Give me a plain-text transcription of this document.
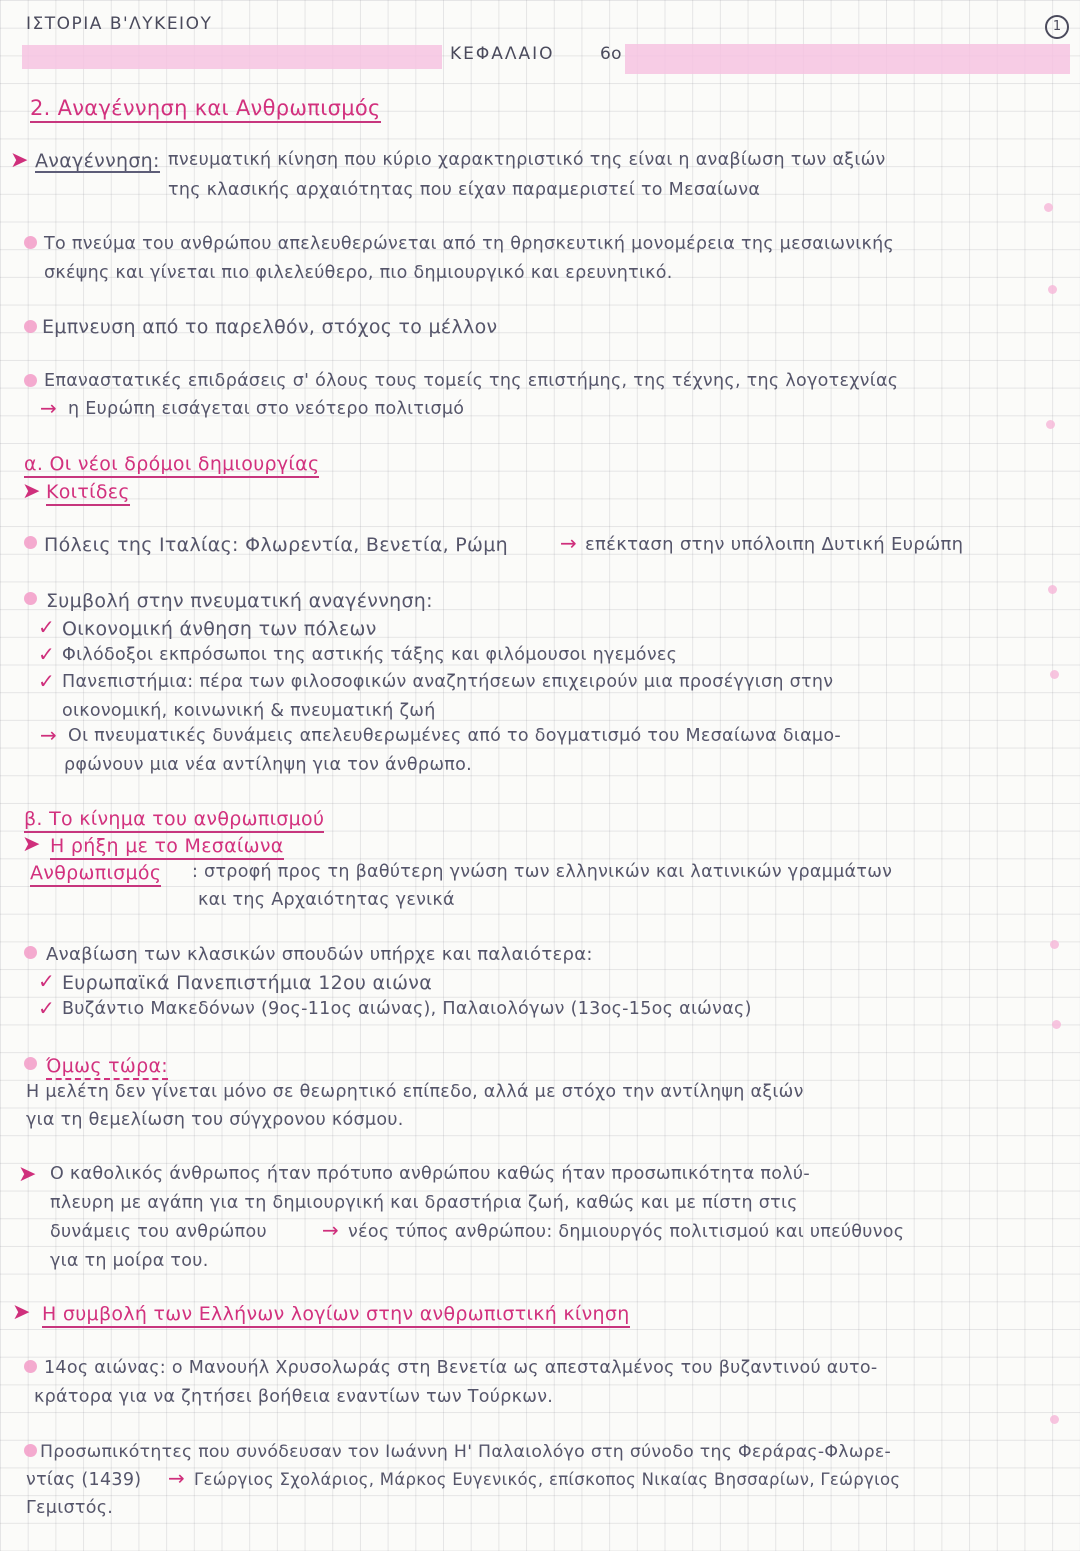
ΙΣΤΟΡΙΑ Β'ΛΥΚΕΙΟΥ
ΚΕΦΑΛΑΙΟ	6ο
1
2. Αναγέννηση και Ανθρωπισμός
➤ Αναγέννηση: πνευματική κίνηση που κύριο χαρακτηριστικό της είναι η αναβίωση των αξιών
της κλασικής αρχαιότητας που είχαν παραμεριστεί το Μεσαίωνα
Το πνεύμα του ανθρώπου απελευθερώνεται από τη θρησκευτική μονομέρεια της μεσαιωνικής
σκέψης και γίνεται πιο φιλελεύθερο, πιο δημιουργικό και ερευνητικό.
Εμπνευση από το παρελθόν, στόχος το μέλλον
Επαναστατικές επιδράσεις σ' όλους τους τομείς της επιστήμης, της τέχνης, της λογοτεχνίας
→ η Ευρώπη εισάγεται στο νεότερο πολιτισμό
α. Οι νέοι δρόμοι δημιουργίας
➤ Κοιτίδες
Πόλεις της Ιταλίας: Φλωρεντία, Βενετία, Ρώμη	→ επέκταση στην υπόλοιπη Δυτική Ευρώπη
Συμβολή στην πνευματική αναγέννηση:
✓ Οικονομική άνθηση των πόλεων
✓ Φιλόδοξοι εκπρόσωποι της αστικής τάξης και φιλόμουσοι ηγεμόνες
✓ Πανεπιστήμια: πέρα των φιλοσοφικών αναζητήσεων επιχειρούν μια προσέγγιση στην
οικονομική, κοινωνική & πνευματική ζωή
→ Οι πνευματικές δυνάμεις απελευθερωμένες από το δογματισμό του Μεσαίωνα διαμο-
ρφώνουν μια νέα αντίληψη για τον άνθρωπο.
β. Το κίνημα του ανθρωπισμού
➤ Η ρήξη με το Μεσαίωνα
Ανθρωπισμός : στροφή προς τη βαθύτερη γνώση των ελληνικών και λατινικών γραμμάτων
και της Αρχαιότητας γενικά
Αναβίωση των κλασικών σπουδών υπήρχε και παλαιότερα:
✓ Ευρωπαϊκά Πανεπιστήμια 12ου αιώνα
✓ Βυζάντιο Μακεδόνων (9ος-11ος αιώνας), Παλαιολόγων (13ος-15ος αιώνας)
Όμως τώρα:
Η μελέτη δεν γίνεται μόνο σε θεωρητικό επίπεδο, αλλά με στόχο την αντίληψη αξιών
για τη θεμελίωση του σύγχρονου κόσμου.
➤ Ο καθολικός άνθρωπος ήταν πρότυπο ανθρώπου καθώς ήταν προσωπικότητα πολύ-
πλευρη με αγάπη για τη δημιουργική και δραστήρια ζωή, καθώς και με πίστη στις
δυνάμεις του ανθρώπου	→ νέος τύπος ανθρώπου: δημιουργός πολιτισμού και υπεύθυνος
για τη μοίρα του.
➤ Η συμβολή των Ελλήνων λογίων στην ανθρωπιστική κίνηση
14ος αιώνας: ο Μανουήλ Χρυσολωράς στη Βενετία ως απεσταλμένος του βυζαντινού αυτο-
κράτορα για να ζητήσει βοήθεια εναντίων των Τούρκων.
Προσωπικότητες που συνόδευσαν τον Ιωάννη Η' Παλαιολόγο στη σύνοδο της Φεράρας-Φλωρε-
ντίας (1439) → Γεώργιος Σχολάριος, Μάρκος Ευγενικός, επίσκοπος Νικαίας Βησσαρίων, Γεώργιος
Γεμιστός.
